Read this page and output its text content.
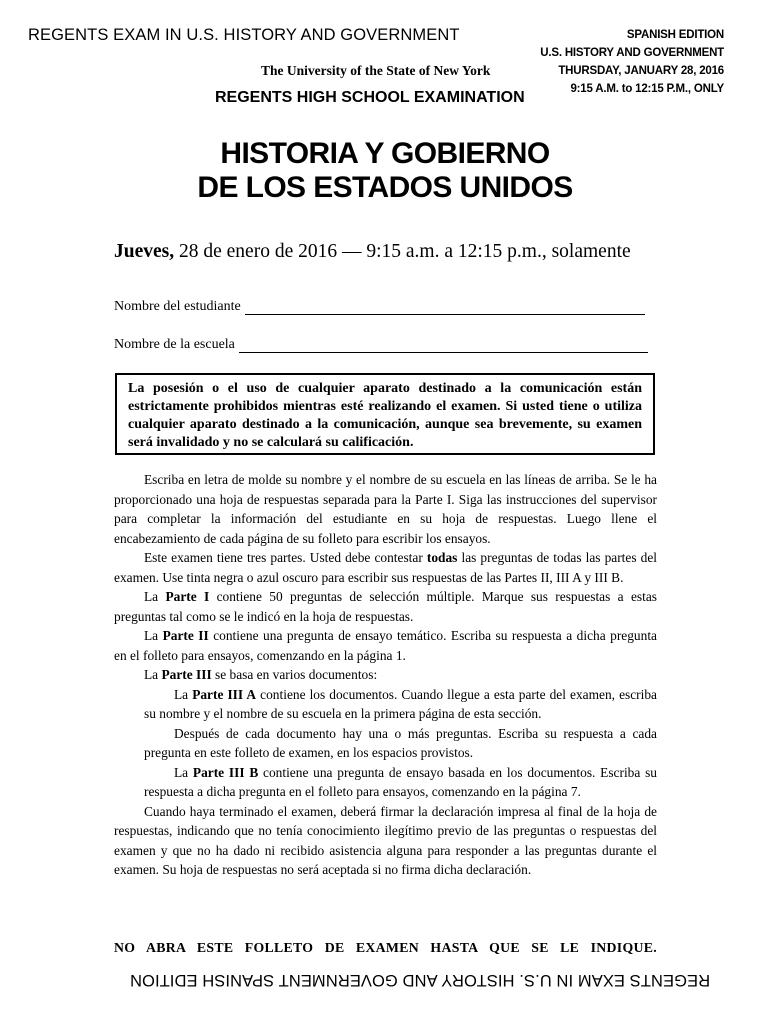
REGENTS EXAM IN U.S. HISTORY AND GOVERNMENT	SPANISH EDITION
U.S. HISTORY AND GOVERNMENT
THURSDAY, JANUARY 28, 2016
9:15 A.M. to 12:15 P.M., ONLY
The University of the State of New York
REGENTS HIGH SCHOOL EXAMINATION
HISTORIA Y GOBIERNO
DE LOS ESTADOS UNIDOS
Jueves, 28 de enero de 2016 — 9:15 a.m. a 12:15 p.m., solamente
Nombre del estudiante
Nombre de la escuela
La posesión o el uso de cualquier aparato destinado a la comunicación están estrictamente prohibidos mientras esté realizando el examen. Si usted tiene o utiliza cualquier aparato destinado a la comunicación, aunque sea brevemente, su examen será invalidado y no se calculará su calificación.

Escriba en letra de molde su nombre y el nombre de su escuela en las líneas de arriba. Se le ha proporcionado una hoja de respuestas separada para la Parte I. Siga las instrucciones del supervisor para completar la información del estudiante en su hoja de respuestas. Luego llene el encabezamiento de cada página de su folleto para escribir los ensayos.

Este examen tiene tres partes. Usted debe contestar todas las preguntas de todas las partes del examen. Use tinta negra o azul oscuro para escribir sus respuestas de las Partes II, III A y III B.

La Parte I contiene 50 preguntas de selección múltiple. Marque sus respuestas a estas preguntas tal como se le indicó en la hoja de respuestas.

La Parte II contiene una pregunta de ensayo temático. Escriba su respuesta a dicha pregunta en el folleto para ensayos, comenzando en la página 1.

La Parte III se basa en varios documentos:

La Parte III A contiene los documentos. Cuando llegue a esta parte del examen, escriba su nombre y el nombre de su escuela en la primera página de esta sección.

Después de cada documento hay una o más preguntas. Escriba su respuesta a cada pregunta en este folleto de examen, en los espacios provistos.

La Parte III B contiene una pregunta de ensayo basada en los documentos. Escriba su respuesta a dicha pregunta en el folleto para ensayos, comenzando en la página 7.

Cuando haya terminado el examen, deberá firmar la declaración impresa al final de la hoja de respuestas, indicando que no tenía conocimiento ilegítimo previo de las preguntas o respuestas del examen y que no ha dado ni recibido asistencia alguna para responder a las preguntas durante el examen. Su hoja de respuestas no será aceptada si no firma dicha declaración.

NO ABRA ESTE FOLLETO DE EXAMEN HASTA QUE SE LE INDIQUE.
REGENTS EXAM IN U.S. HISTORY AND GOVERNMENT SPANISH EDITION
